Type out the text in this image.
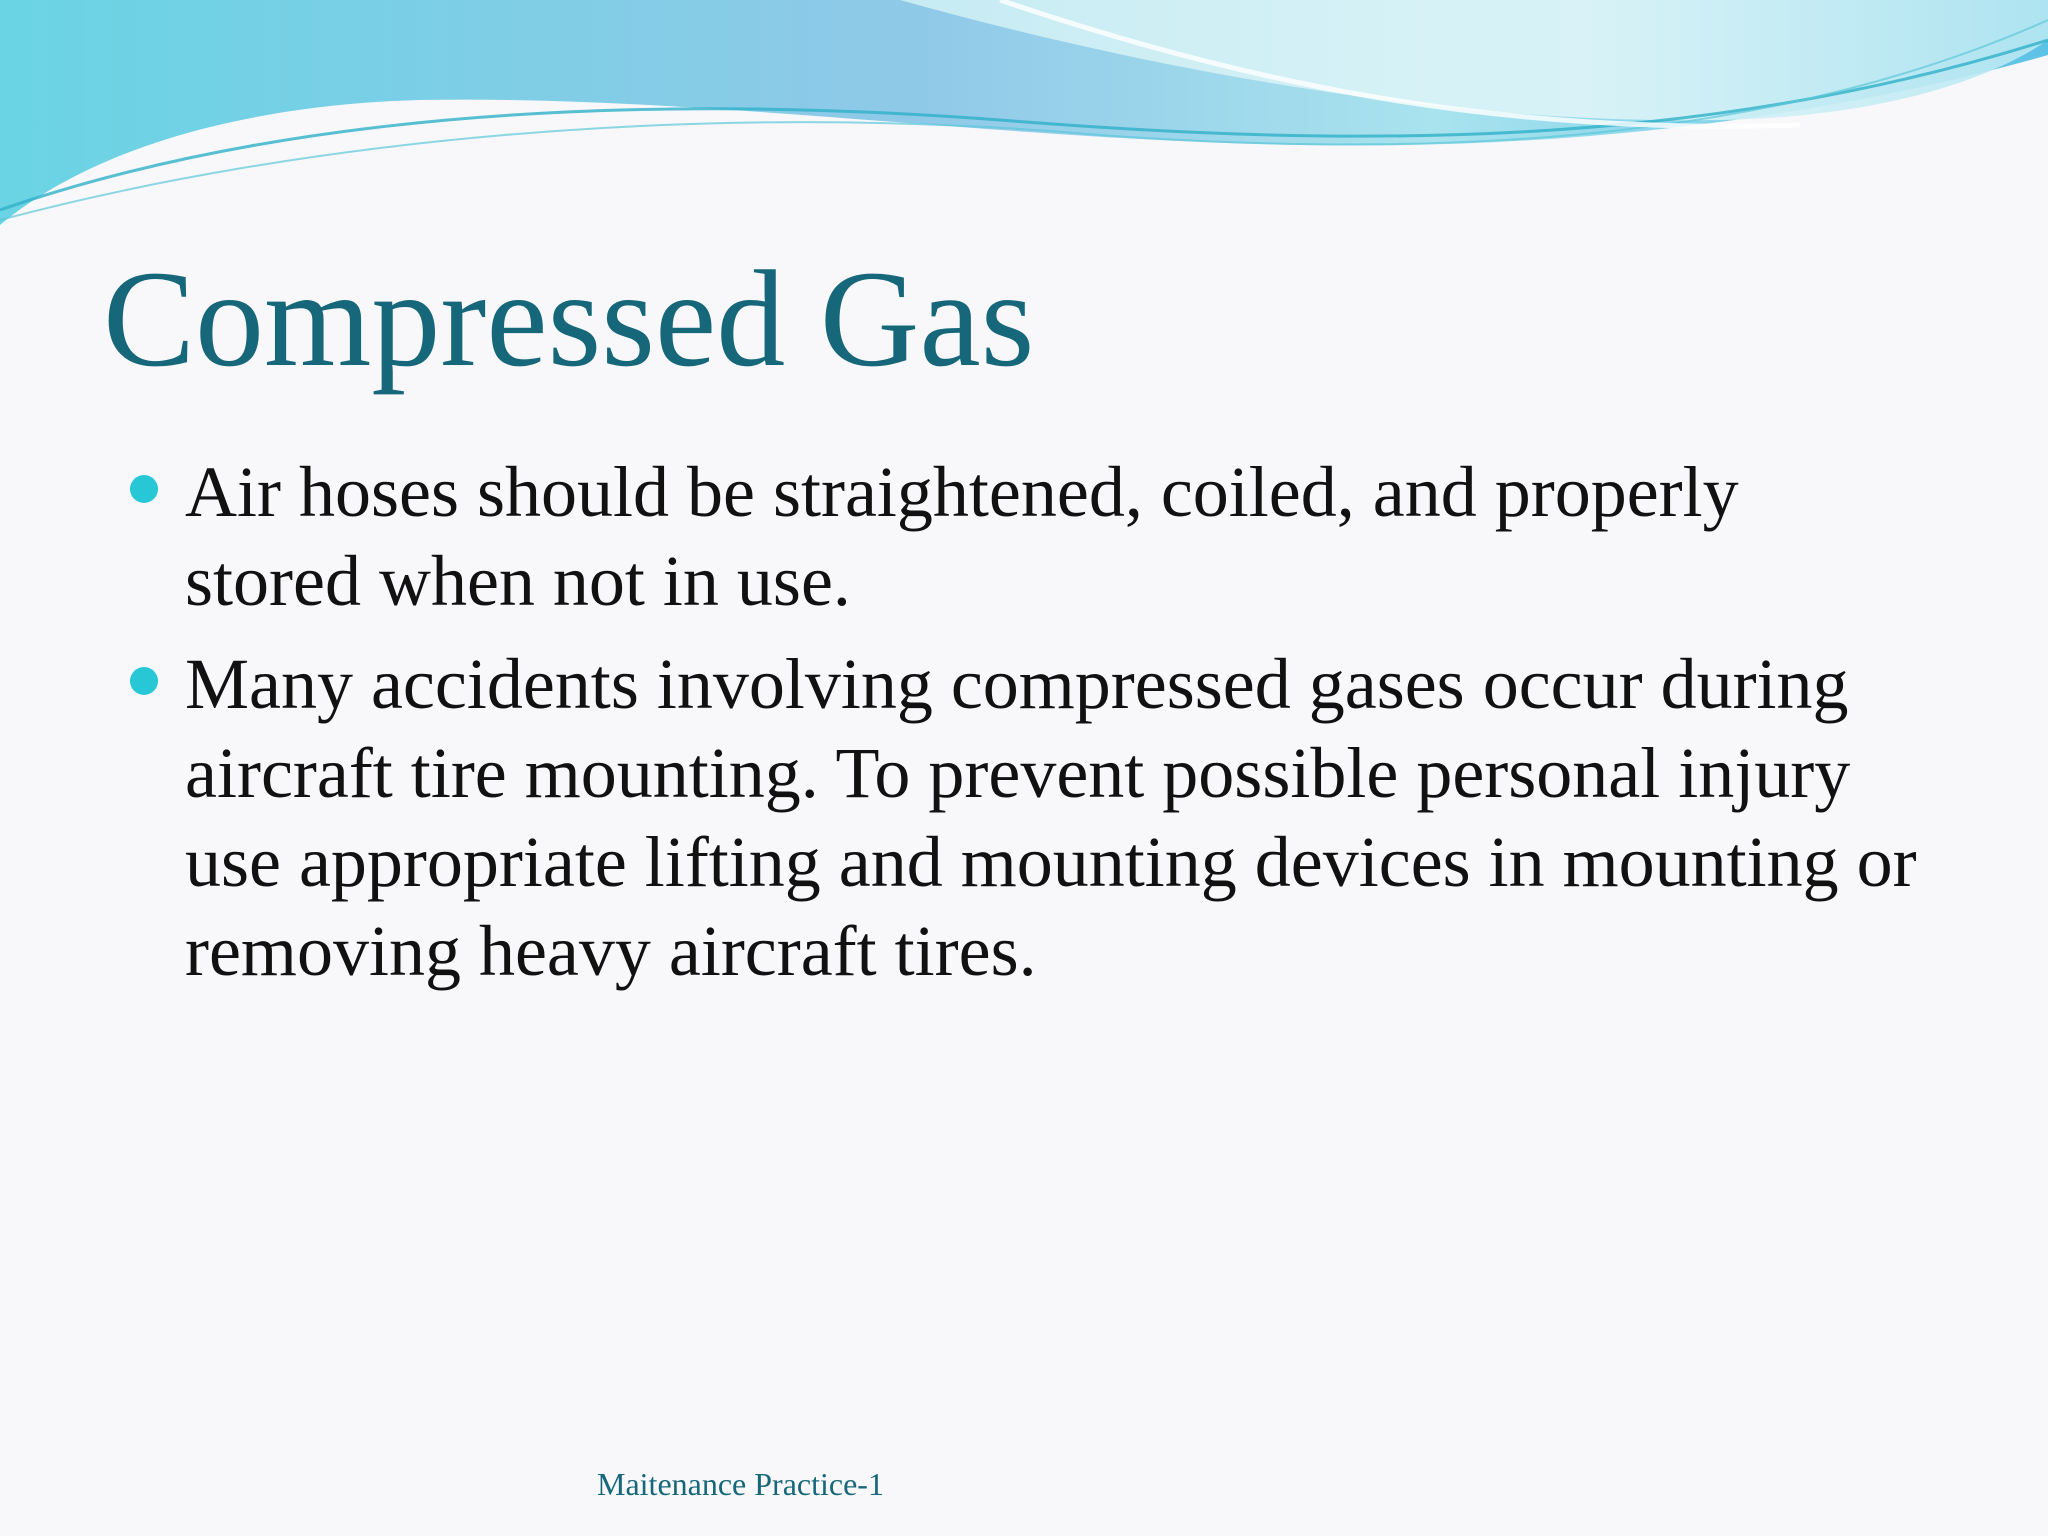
Compressed Gas
Air hoses should be straightened, coiled, and properly stored when not in use.
Many accidents involving compressed gases occur during aircraft tire mounting. To prevent possible personal injury use appropriate lifting and mounting devices in mounting or removing heavy aircraft tires.
Maitenance Practice-1
